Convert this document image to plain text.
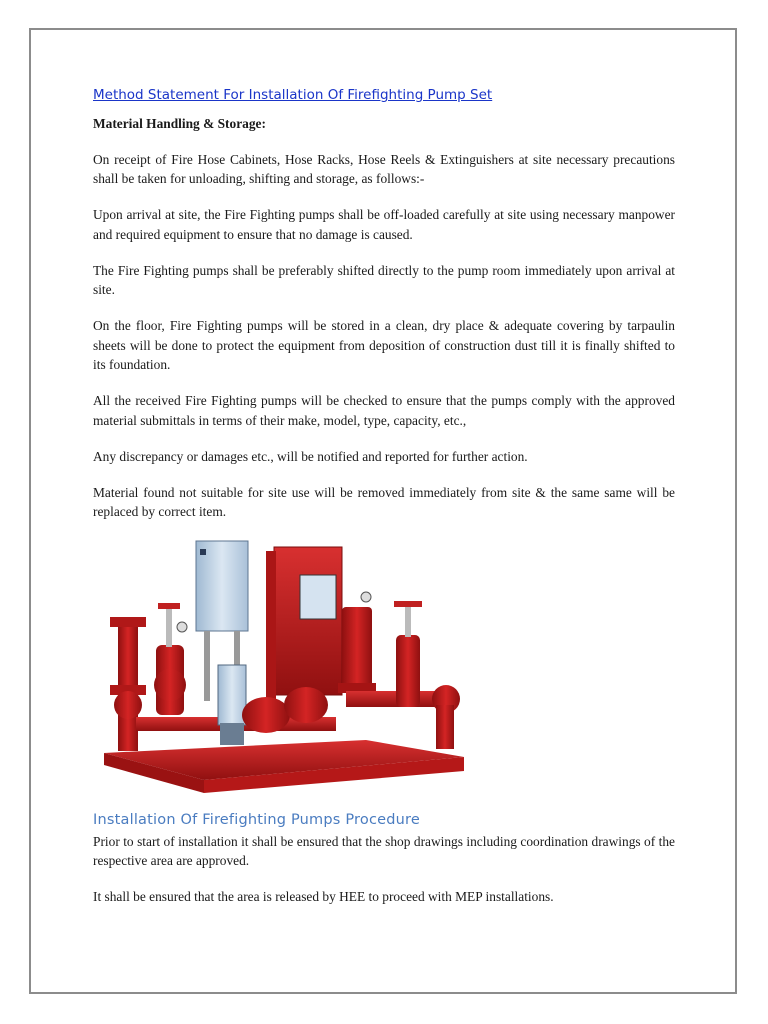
Method Statement For Installation Of Firefighting Pump Set
Material Handling & Storage:

On receipt of Fire Hose Cabinets, Hose Racks, Hose Reels & Extinguishers at site necessary precautions shall be taken for unloading, shifting and storage, as follows:-

Upon arrival at site, the Fire Fighting pumps shall be off-loaded carefully at site using necessary manpower and required equipment to ensure that no damage is caused.

The Fire Fighting pumps shall be preferably shifted directly to the pump room immediately upon arrival at site.

On the floor, Fire Fighting pumps will be stored in a clean, dry place & adequate covering by tarpaulin sheets will be done to protect the equipment from deposition of construction dust till it is finally shifted to its foundation.

All the received Fire Fighting pumps will be checked to ensure that the pumps comply with the approved material submittals in terms of their make, model, type, capacity, etc.,

Any discrepancy or damages etc., will be notified and reported for further action.

Material found not suitable for site use will be removed immediately from site & the same same will be replaced by correct item.

Installation Of Firefighting Pumps Procedure

Prior to start of installation it shall be ensured that the shop drawings including coordination drawings of the respective area are approved.

It shall be ensured that the area is released by HEE to proceed with MEP installations.
